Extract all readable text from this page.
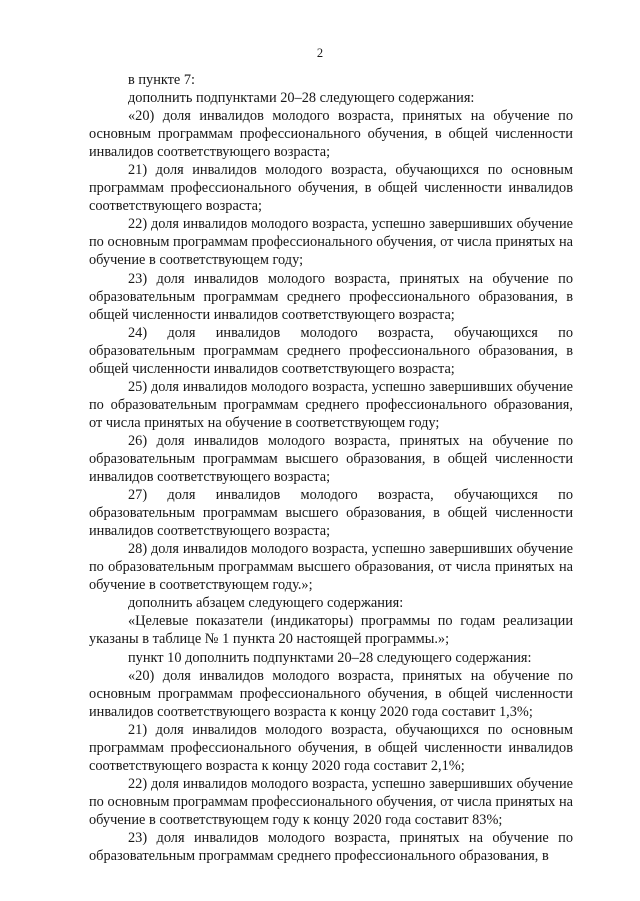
2

в пункте 7:

дополнить подпунктами 20–28 следующего содержания:

«20) доля инвалидов молодого возраста, принятых на обучение по основным программам профессионального обучения, в общей численности инвалидов соответствующего возраста;

21) доля инвалидов молодого возраста, обучающихся по основным программам профессионального обучения, в общей численности инвалидов соответствующего возраста;

22) доля инвалидов молодого возраста, успешно завершивших обучение по основным программам профессионального обучения, от числа принятых на обучение в соответствующем году;

23) доля инвалидов молодого возраста, принятых на обучение по образовательным программам среднего профессионального образования, в общей численности инвалидов соответствующего возраста;

24) доля инвалидов молодого возраста, обучающихся по образовательным программам среднего профессионального образования, в общей численности инвалидов соответствующего возраста;

25) доля инвалидов молодого возраста, успешно завершивших обучение по образовательным программам среднего профессионального образования, от числа принятых на обучение в соответствующем году;

26) доля инвалидов молодого возраста, принятых на обучение по образовательным программам высшего образования, в общей численности инвалидов соответствующего возраста;

27) доля инвалидов молодого возраста, обучающихся по образовательным программам высшего образования, в общей численности инвалидов соответствующего возраста;

28) доля инвалидов молодого возраста, успешно завершивших обучение по образовательным программам высшего образования, от числа принятых на обучение в соответствующем году.»;

дополнить абзацем следующего содержания:

«Целевые показатели (индикаторы) программы по годам реализации указаны в таблице № 1 пункта 20 настоящей программы.»;

пункт 10 дополнить подпунктами 20–28 следующего содержания:

«20) доля инвалидов молодого возраста, принятых на обучение по основным программам профессионального обучения, в общей численности инвалидов соответствующего возраста к концу 2020 года составит 1,3%;

21) доля инвалидов молодого возраста, обучающихся по основным программам профессионального обучения, в общей численности инвалидов соответствующего возраста к концу 2020 года составит 2,1%;

22) доля инвалидов молодого возраста, успешно завершивших обучение по основным программам профессионального обучения, от числа принятых на обучение в соответствующем году к концу 2020 года составит 83%;

23) доля инвалидов молодого возраста, принятых на обучение по образовательным программам среднего профессионального образования, в
